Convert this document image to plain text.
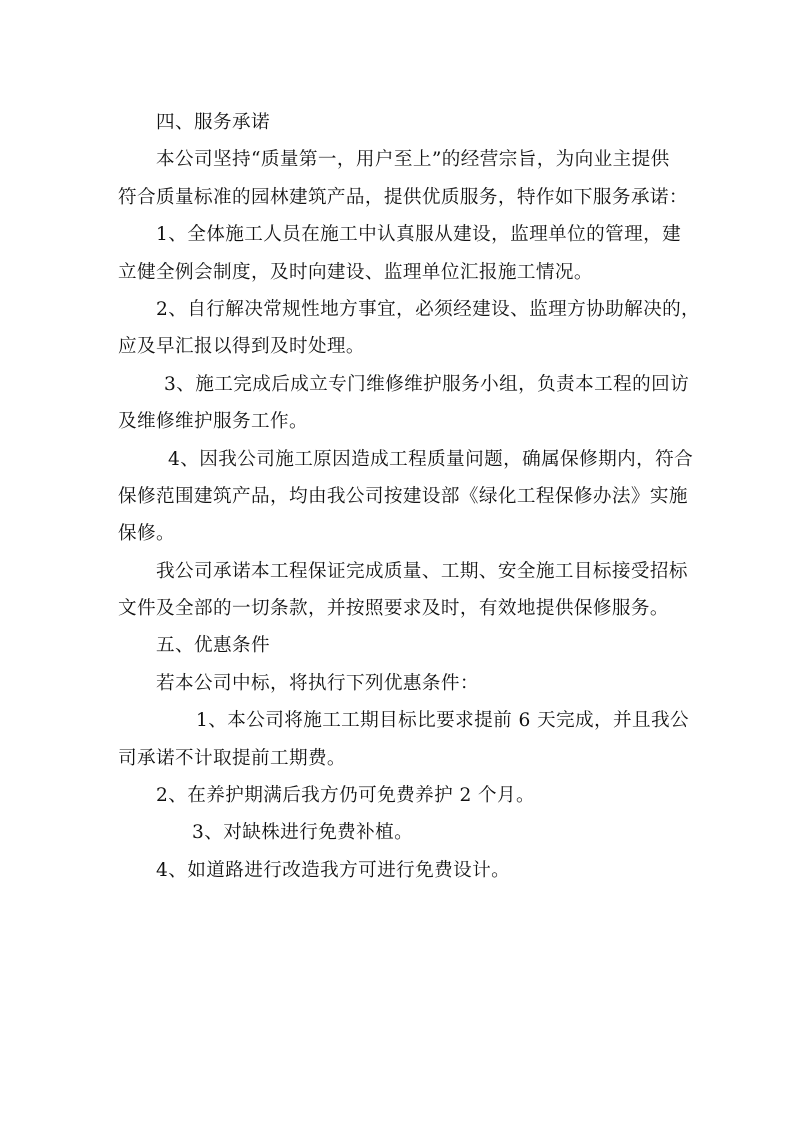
四、服务承诺
本公司坚持“质量第一，用户至上”的经营宗旨，为向业主提供
符合质量标准的园林建筑产品，提供优质服务，特作如下服务承诺：
1、全体施工人员在施工中认真服从建设，监理单位的管理，建
立健全例会制度，及时向建设、监理单位汇报施工情况。
2、自行解决常规性地方事宜，必须经建设、监理方协助解决的，
应及早汇报以得到及时处理。
3、施工完成后成立专门维修维护服务小组，负责本工程的回访
及维修维护服务工作。
4、因我公司施工原因造成工程质量问题，确属保修期内，符合
保修范围建筑产品，均由我公司按建设部《绿化工程保修办法》实施
保修。
我公司承诺本工程保证完成质量、工期、安全施工目标接受招标
文件及全部的一切条款，并按照要求及时，有效地提供保修服务。
五、优惠条件
若本公司中标，将执行下列优惠条件：
1、本公司将施工工期目标比要求提前 6 天完成，并且我公
司承诺不计取提前工期费。
2、在养护期满后我方仍可免费养护 2 个月。
3、对缺株进行免费补植。
4、如道路进行改造我方可进行免费设计。
